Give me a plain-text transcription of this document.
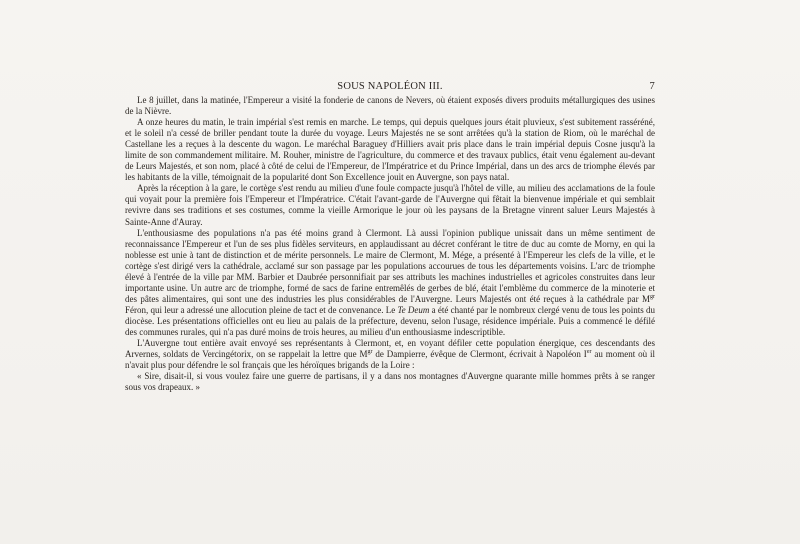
SOUS NAPOLÉON III.	7

Le 8 juillet, dans la matinée, l'Empereur a visité la fonderie de canons de Nevers, où étaient exposés divers produits métallurgiques des usines de la Nièvre.

A onze heures du matin, le train impérial s'est remis en marche. Le temps, qui depuis quelques jours était pluvieux, s'est subitement rasséréné, et le soleil n'a cessé de briller pendant toute la durée du voyage. Leurs Majestés ne se sont arrêtées qu'à la station de Riom, où le maréchal de Castellane les a reçues à la descente du wagon. Le maréchal Baraguey d'Hilliers avait pris place dans le train impérial depuis Cosne jusqu'à la limite de son commandement militaire. M. Rouher, ministre de l'agriculture, du commerce et des travaux publics, était venu également au-devant de Leurs Majestés, et son nom, placé à côté de celui de l'Empereur, de l'Impératrice et du Prince Impérial, dans un des arcs de triomphe élevés par les habitants de la ville, témoignait de la popularité dont Son Excellence jouit en Auvergne, son pays natal.

Après la réception à la gare, le cortège s'est rendu au milieu d'une foule compacte jusqu'à l'hôtel de ville, au milieu des acclamations de la foule qui voyait pour la première fois l'Empereur et l'Impératrice. C'était l'avant-garde de l'Auvergne qui fêtait la bienvenue impériale et qui semblait revivre dans ses traditions et ses costumes, comme la vieille Armorique le jour où les paysans de la Bretagne vinrent saluer Leurs Majestés à Sainte-Anne d'Auray.

L'enthousiasme des populations n'a pas été moins grand à Clermont. Là aussi l'opinion publique unissait dans un même sentiment de reconnaissance l'Empereur et l'un de ses plus fidèles serviteurs, en applaudissant au décret conférant le titre de duc au comte de Morny, en qui la noblesse est unie à tant de distinction et de mérite personnels. Le maire de Clermont, M. Mége, a présenté à l'Empereur les clefs de la ville, et le cortège s'est dirigé vers la cathédrale, acclamé sur son passage par les populations accourues de tous les départements voisins. L'arc de triomphe élevé à l'entrée de la ville par MM. Barbier et Daubrée personnifiait par ses attributs les machines industrielles et agricoles construites dans leur importante usine. Un autre arc de triomphe, formé de sacs de farine entremêlés de gerbes de blé, était l'emblème du commerce de la minoterie et des pâtes alimentaires, qui sont une des industries les plus considérables de l'Auvergne. Leurs Majestés ont été reçues à la cathédrale par $M^{gr}$ Féron, qui leur a adressé une allocution pleine de tact et de convenance. Le Te Deum a été chanté par le nombreux clergé venu de tous les points du diocèse. Les présentations officielles ont eu lieu au palais de la préfecture, devenu, selon l'usage, résidence impériale. Puis a commencé le défilé des communes rurales, qui n'a pas duré moins de trois heures, au milieu d'un enthousiasme indescriptible.

L'Auvergne tout entière avait envoyé ses représentants à Clermont, et, en voyant défiler cette population énergique, ces descendants des Arvernes, soldats de Vercingétorix, on se rappelait la lettre que $M^{gr}$ de Dampierre, évêque de Clermont, écrivait à Napoléon Ier au moment où il n'avait plus pour défendre le sol français que les héroïques brigands de la Loire :

« Sire, disait-il, si vous voulez faire une guerre de partisans, il y a dans nos montagnes d'Auvergne quarante mille hommes prêts à se ranger sous vos drapeaux. »
